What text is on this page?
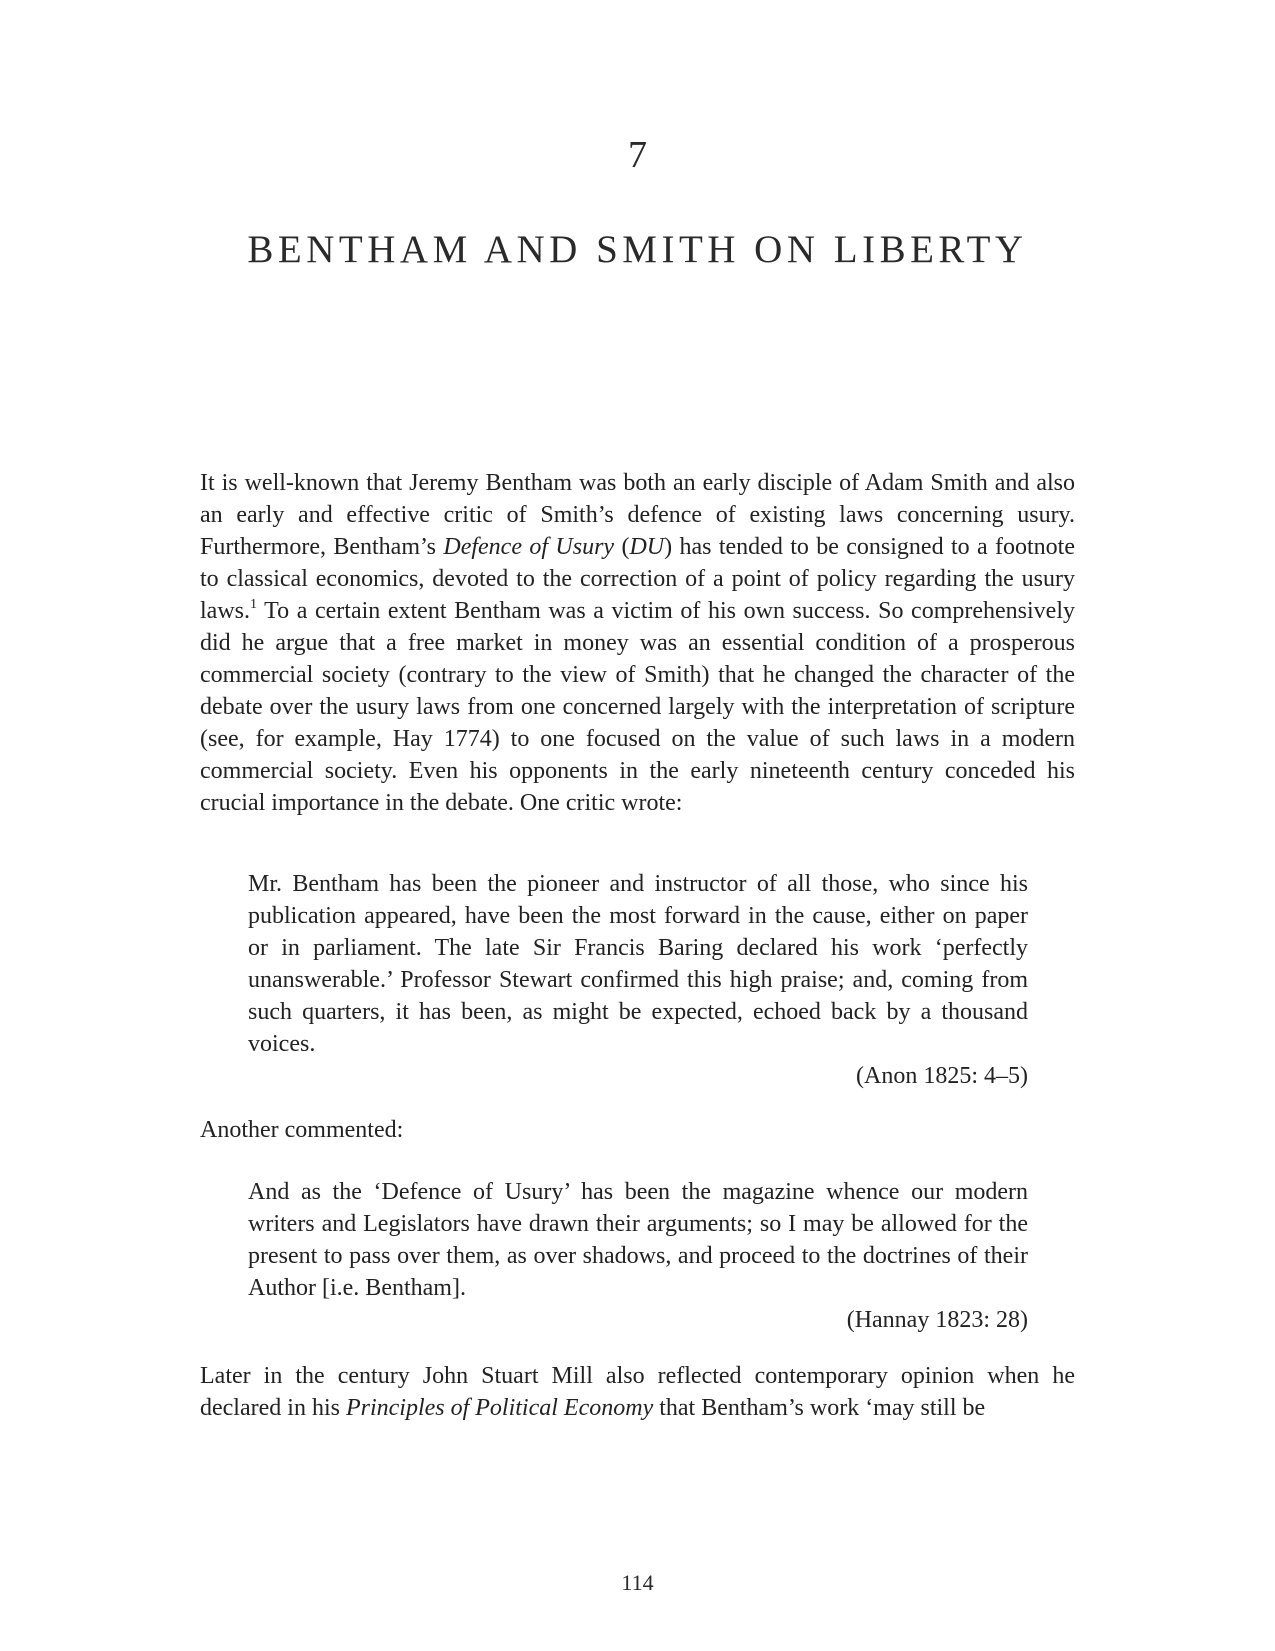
7
BENTHAM AND SMITH ON LIBERTY

It is well-known that Jeremy Bentham was both an early disciple of Adam Smith and also an early and effective critic of Smith’s defence of existing laws concerning usury. Furthermore, Bentham’s Defence of Usury (DU) has tended to be consigned to a footnote to classical economics, devoted to the correction of a point of policy regarding the usury laws.$^1$ To a certain extent Bentham was a victim of his own success. So comprehensively did he argue that a free market in money was an essential condition of a prosperous commercial society (contrary to the view of Smith) that he changed the character of the debate over the usury laws from one concerned largely with the interpretation of scripture (see, for example, Hay 1774) to one focused on the value of such laws in a modern commercial society. Even his opponents in the early nineteenth century conceded his crucial importance in the debate. One critic wrote:

Mr. Bentham has been the pioneer and instructor of all those, who since his publication appeared, have been the most forward in the cause, either on paper or in parliament. The late Sir Francis Baring declared his work ‘perfectly unanswerable.’ Professor Stewart confirmed this high praise; and, coming from such quarters, it has been, as might be expected, echoed back by a thousand voices.
(Anon 1825: 4–5)

Another commented:

And as the ‘Defence of Usury’ has been the magazine whence our modern writers and Legislators have drawn their arguments; so I may be allowed for the present to pass over them, as over shadows, and proceed to the doctrines of their Author [i.e. Bentham].
(Hannay 1823: 28)

Later in the century John Stuart Mill also reflected contemporary opinion when he declared in his Principles of Political Economy that Bentham’s work ‘may still be

114
